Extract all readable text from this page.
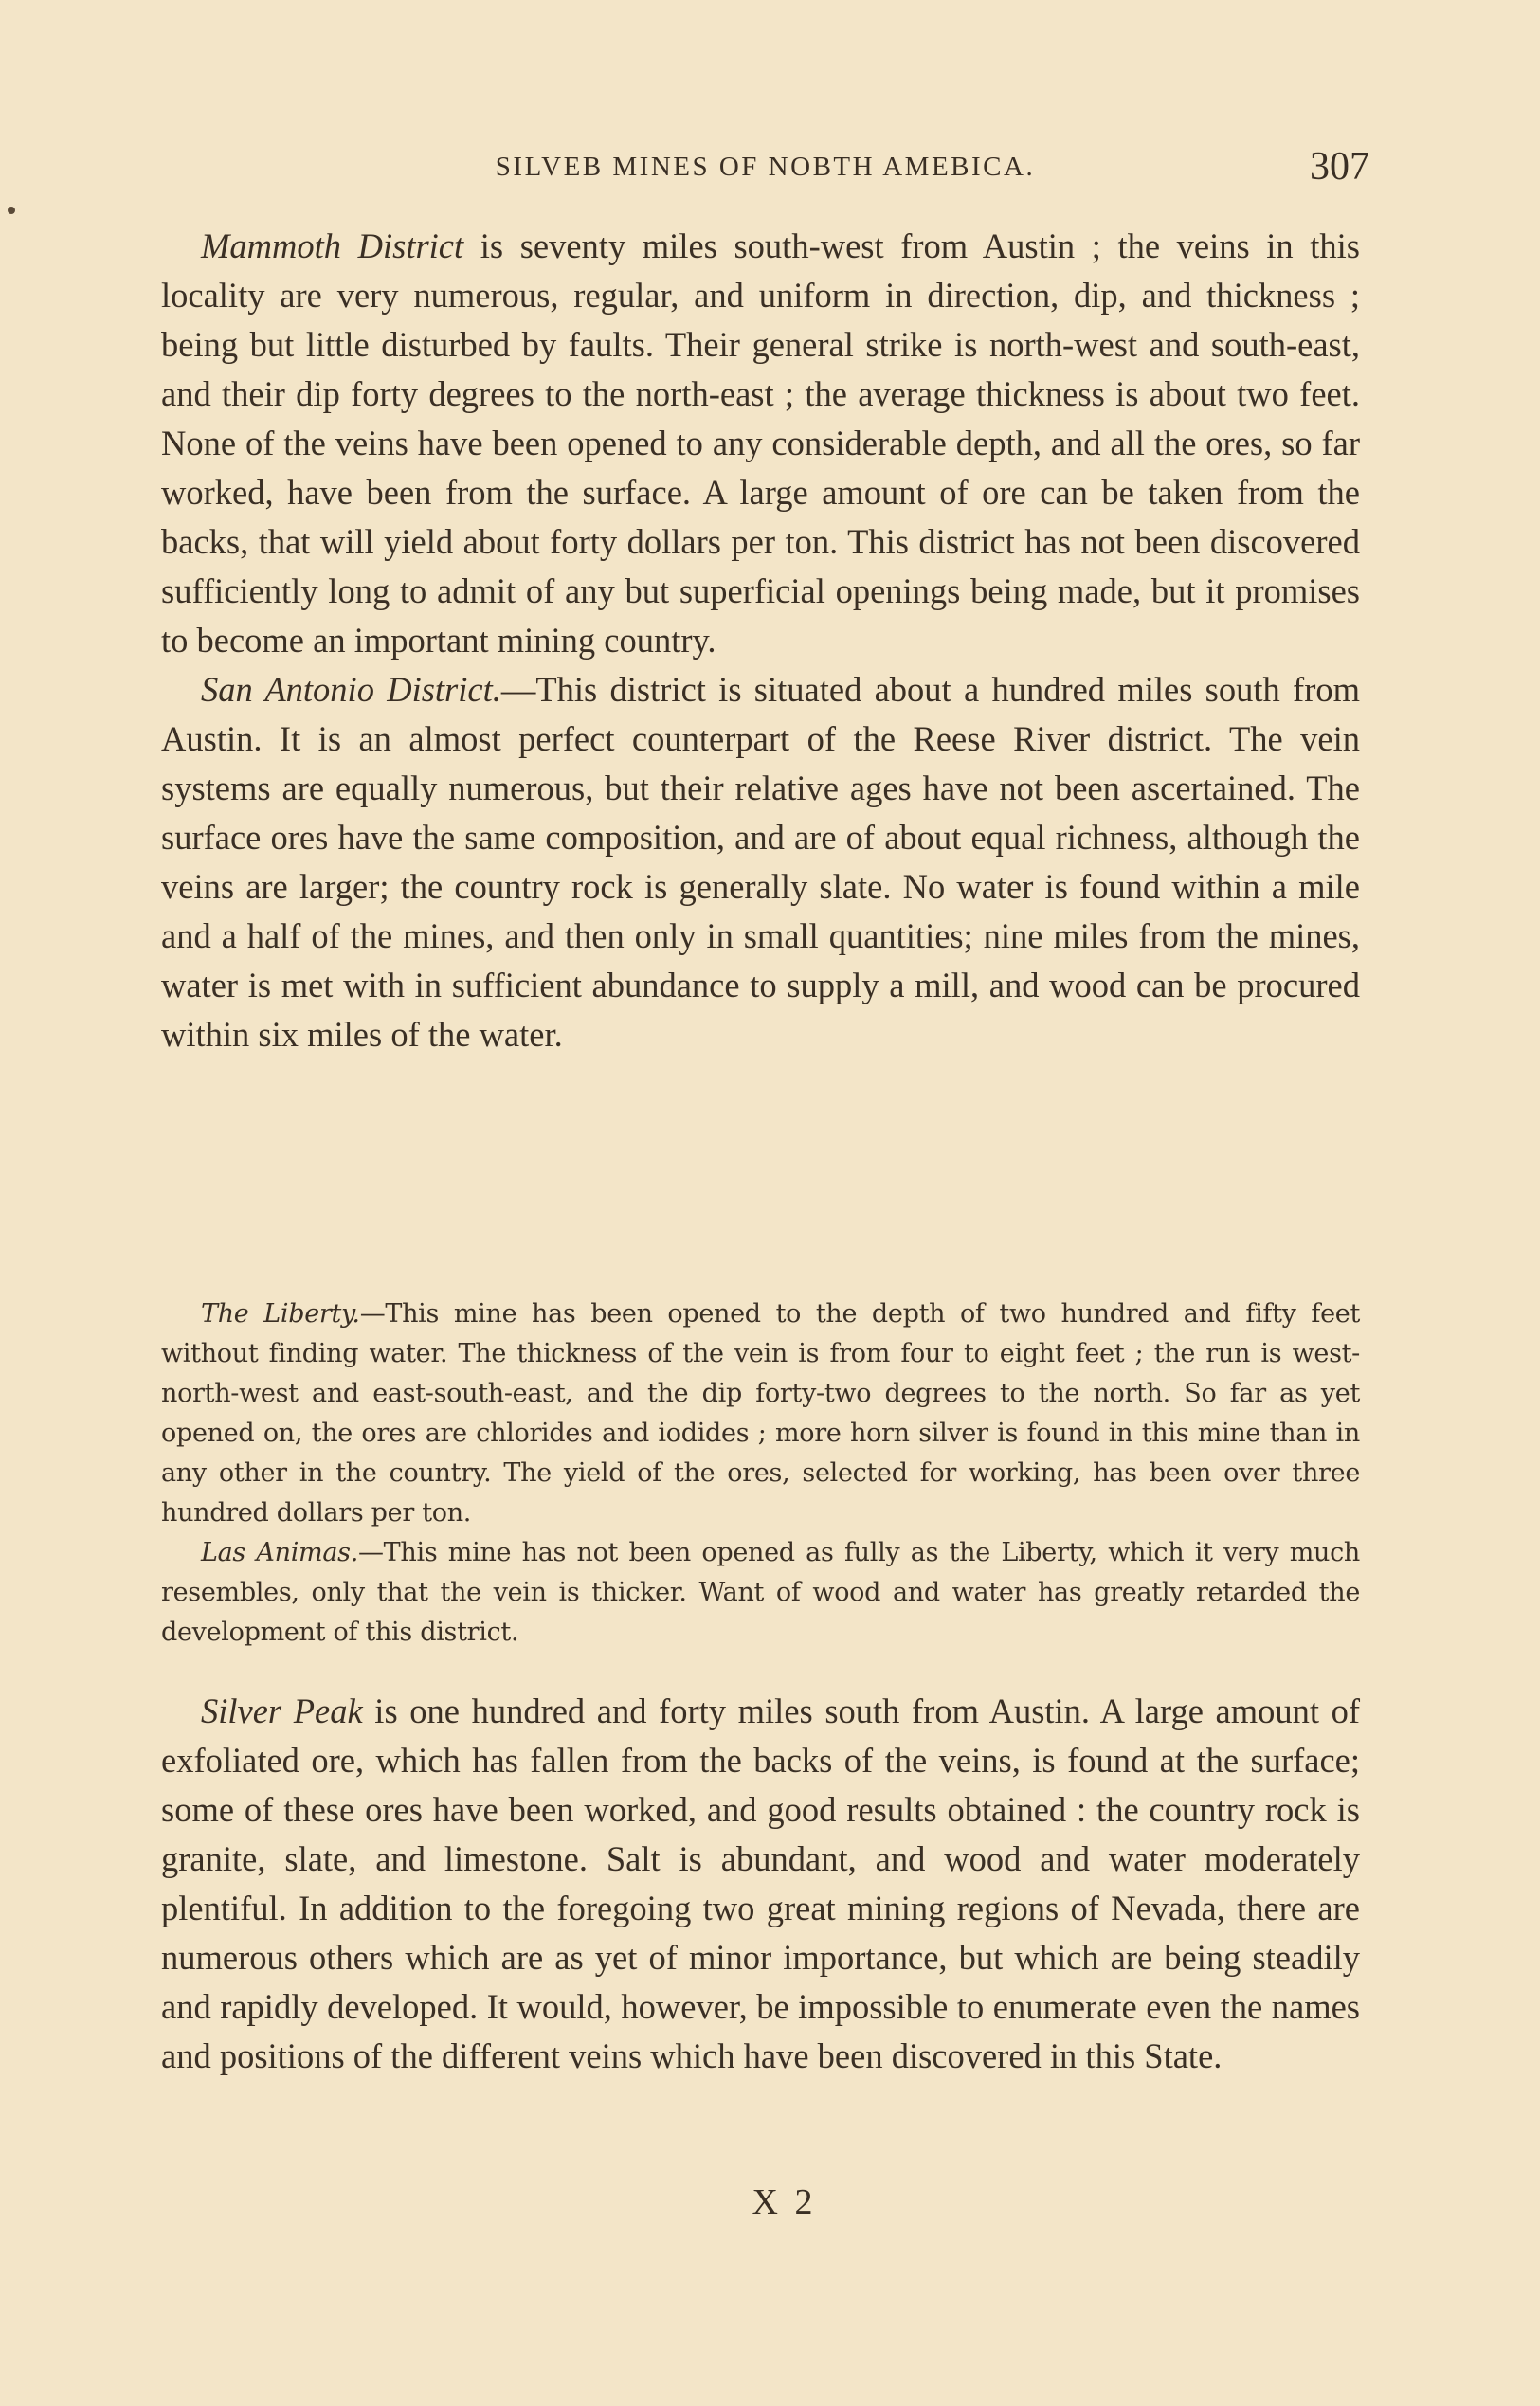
SILVEB MINES OF NOBTH AMEBICA.	307

Mammoth District is seventy miles south-west from Austin ; the veins in this locality are very numerous, regular, and uniform in direction, dip, and thickness ; being but little disturbed by faults. Their general strike is north-west and south-east, and their dip forty degrees to the north-east ; the average thickness is about two feet. None of the veins have been opened to any considerable depth, and all the ores, so far worked, have been from the surface. A large amount of ore can be taken from the backs, that will yield about forty dollars per ton. This district has not been discovered sufficiently long to admit of any but superficial openings being made, but it promises to become an important mining country.

San Antonio District.—This district is situated about a hundred miles south from Austin. It is an almost perfect counterpart of the Reese River district. The vein systems are equally numerous, but their relative ages have not been ascertained. The surface ores have the same composition, and are of about equal richness, although the veins are larger; the country rock is generally slate. No water is found within a mile and a half of the mines, and then only in small quantities; nine miles from the mines, water is met with in sufficient abundance to supply a mill, and wood can be procured within six miles of the water.

The Liberty.—This mine has been opened to the depth of two hundred and fifty feet without finding water. The thickness of the vein is from four to eight feet ; the run is west-north-west and east-south-east, and the dip forty-two degrees to the north. So far as yet opened on, the ores are chlorides and iodides ; more horn silver is found in this mine than in any other in the country. The yield of the ores, selected for working, has been over three hundred dollars per ton.

Las Animas.—This mine has not been opened as fully as the Liberty, which it very much resembles, only that the vein is thicker. Want of wood and water has greatly retarded the development of this district.

Silver Peak is one hundred and forty miles south from Austin. A large amount of exfoliated ore, which has fallen from the backs of the veins, is found at the surface; some of these ores have been worked, and good results obtained : the country rock is granite, slate, and limestone. Salt is abundant, and wood and water moderately plentiful. In addition to the foregoing two great mining regions of Nevada, there are numerous others which are as yet of minor importance, but which are being steadily and rapidly developed. It would, however, be impossible to enumerate even the names and positions of the different veins which have been discovered in this State.

X 2
